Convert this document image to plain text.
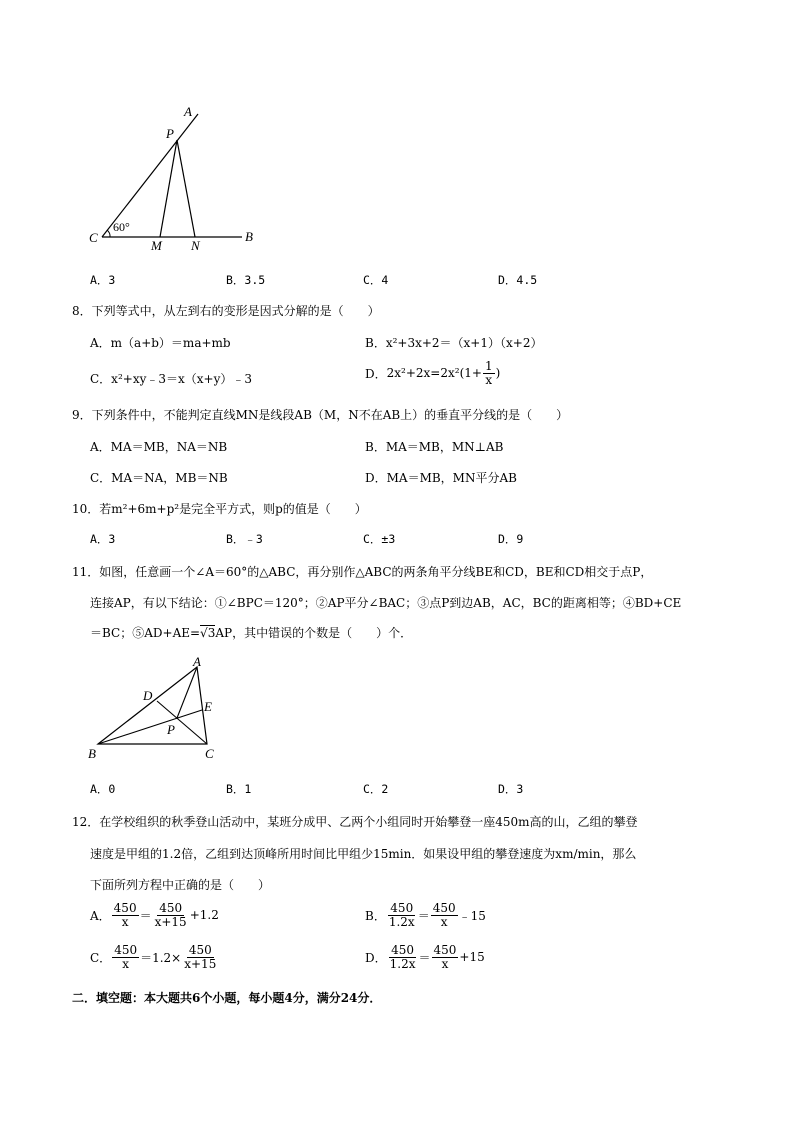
A
P
C
60°
M N
B
A．3	B．3.5	C．4	D．4.5
8．下列等式中，从左到右的变形是因式分解的是（　　）
A．m（a+b）＝ma+mb	B．x²+3x+2＝（x+1）（x+2）
C．x²+xy﹣3＝x（x+y）﹣3	D． $2x^2+2x=2x^2(1+ \frac{1}{x}$ )
9．下列条件中，不能判定直线MN是线段AB（M，N不在AB上）的垂直平分线的是（　　）
A．MA＝MB，NA＝NB	B．MA＝MB，MN⊥AB
C．MA＝NA，MB＝NB	D．MA＝MB，MN平分AB
10．若m²+6m+p²是完全平方式，则p的值是（　　）
A．3	B．﹣3	C．±3	D．9
11．如图，任意画一个∠A＝60°的△ABC，再分别作△ABC的两条角平分线BE和CD，BE和CD相交于点P，
连接AP，有以下结论：①∠BPC＝120°；②AP平分∠BAC；③点P到边AB，AC，BC的距离相等；④BD+CE
＝BC；⑤AD+AE=√3AP，其中错误的个数是（　　）个．
A
D
E
P
B	C
A．0	B．1	C．2	D．3
12．在学校组织的秋季登山活动中，某班分成甲、乙两个小组同时开始攀登一座450m高的山，乙组的攀登
速度是甲组的1.2倍，乙组到达顶峰所用时间比甲组少15min．如果设甲组的攀登速度为xm/min，那么
下面所列方程中正确的是（　　）
A． $\frac{450}{x} = \frac{450}{x+15} +1.2$	B． $\frac{450}{1.2x} = \frac{450}{x}$ ﹣15
C． $\frac{450}{x} =1.2\times \frac{450}{x+15}$	D． $\frac{450}{1.2x} = \frac{450}{x} +15$
二．填空题：本大题共6个小题，每小题4分，满分24分．
